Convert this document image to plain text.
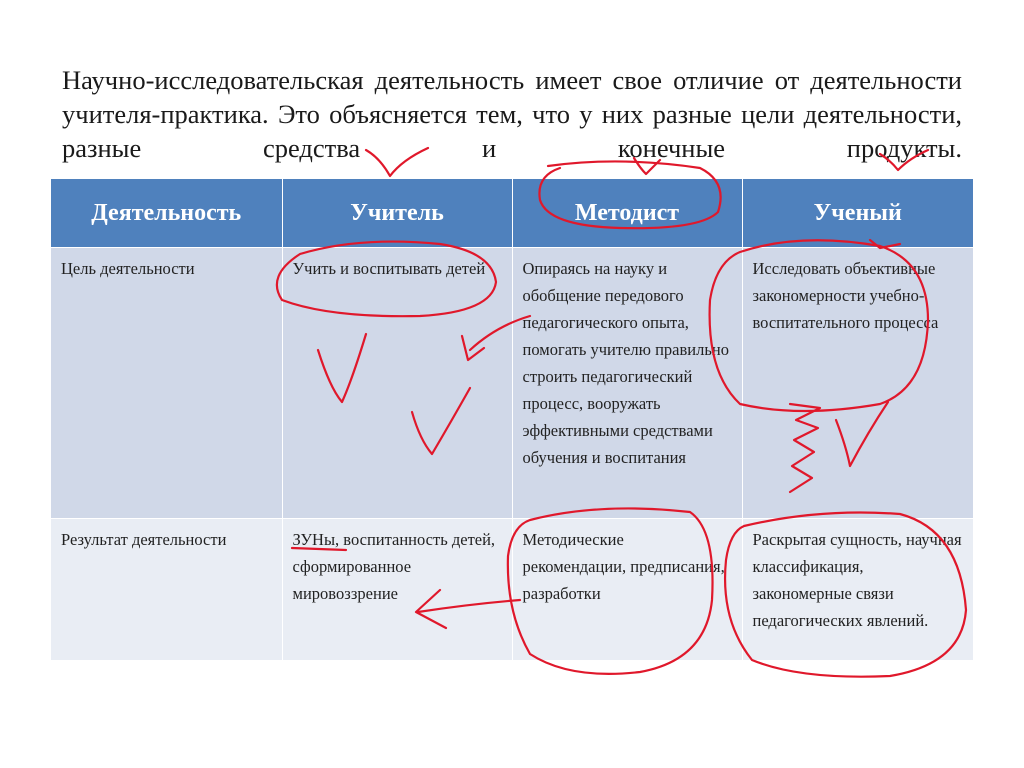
Научно-исследовательская деятельность имеет свое отличие от деятельности учителя-практика. Это объясняется тем, что у них разные цели деятельности, разные средства и конечные продукты.

Деятельность	Учитель	Методист	Ученый
Цель деятельности	Учить и воспитывать детей	Опираясь на науку и обобщение передового педагогического опыта, помогать учителю правильно строить педагогический процесс, вооружать эффективными средствами обучения и воспитания	Исследовать объективные закономерности учебно-воспитательного процесса
Результат деятельности	ЗУНы, воспитанность детей, сформированное мировоззрение	Методические рекомендации, предписания, разработки	Раскрытая сущность, научная классификация, закономерные связи педагогических явлений.
